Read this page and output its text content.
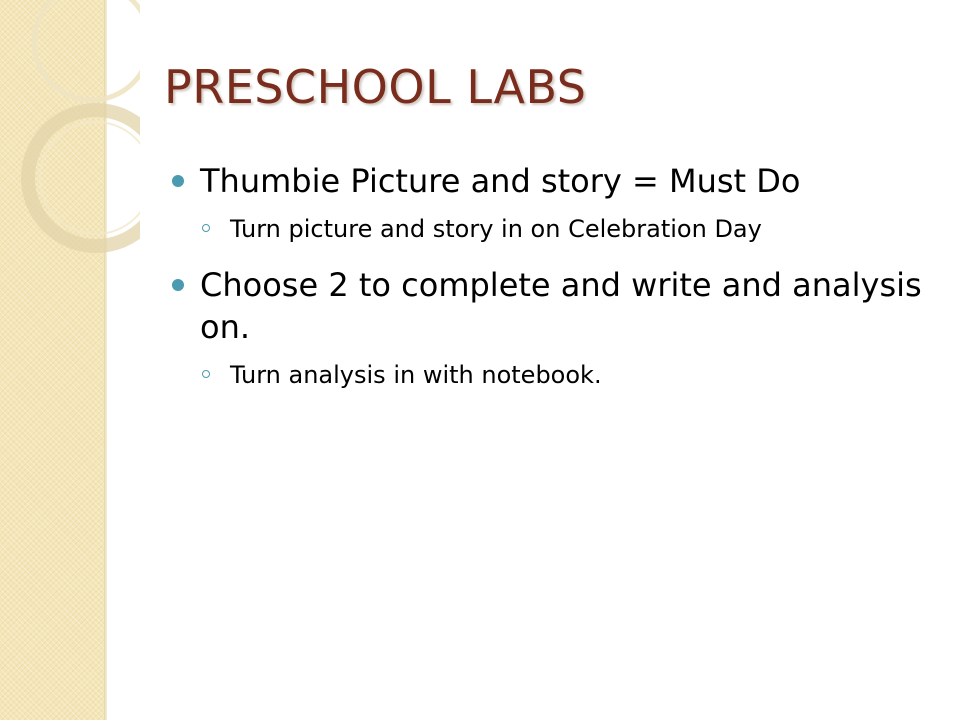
PRESCHOOL LABS
Thumbie Picture and story = Must Do
Turn picture and story in on Celebration Day
Choose 2 to complete and write and analysis on.
Turn analysis in with notebook.
